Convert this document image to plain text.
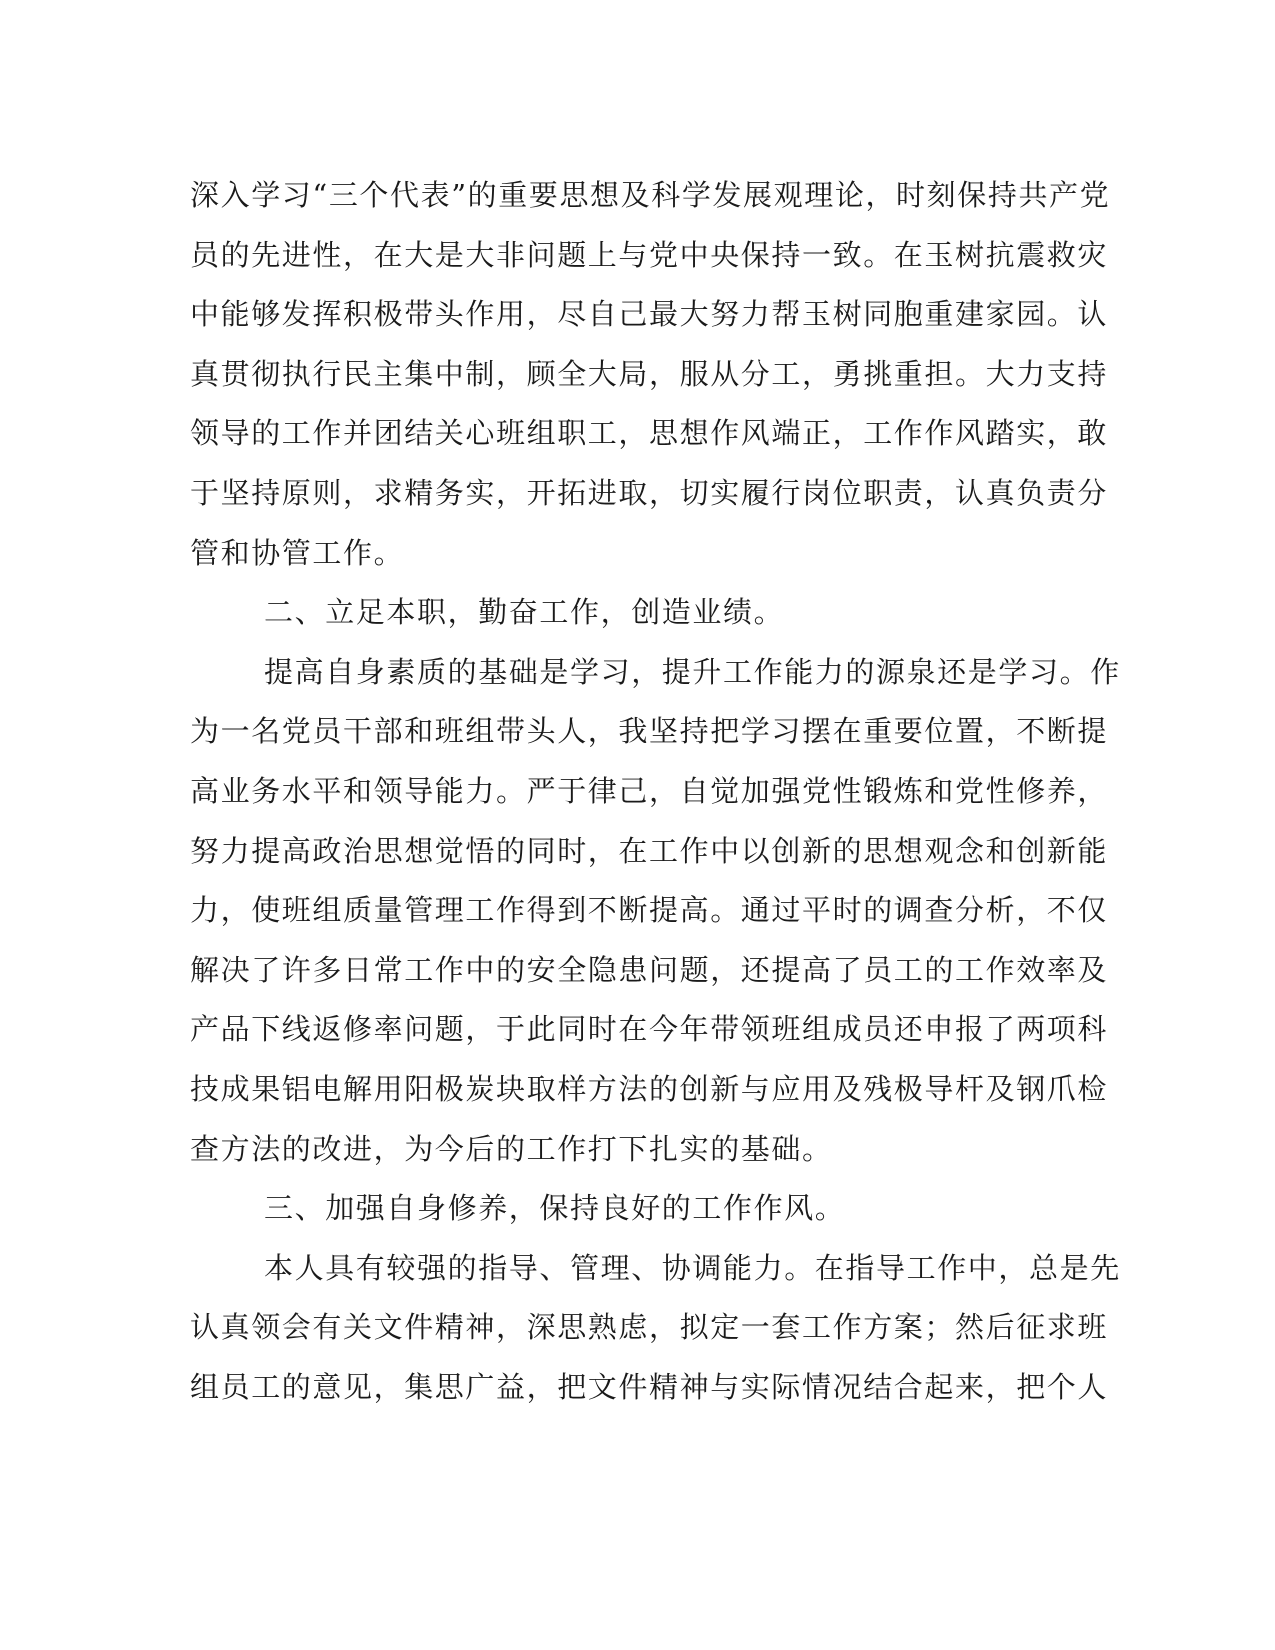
深入学习“三个代表”的重要思想及科学发展观理论，时刻保持共产党
员的先进性，在大是大非问题上与党中央保持一致。在玉树抗震救灾
中能够发挥积极带头作用，尽自己最大努力帮玉树同胞重建家园。认
真贯彻执行民主集中制，顾全大局，服从分工，勇挑重担。大力支持
领导的工作并团结关心班组职工，思想作风端正，工作作风踏实，敢
于坚持原则，求精务实，开拓进取，切实履行岗位职责，认真负责分
管和协管工作。
二、立足本职，勤奋工作，创造业绩。
提高自身素质的基础是学习，提升工作能力的源泉还是学习。作
为一名党员干部和班组带头人，我坚持把学习摆在重要位置，不断提
高业务水平和领导能力。严于律己，自觉加强党性锻炼和党性修养，
努力提高政治思想觉悟的同时，在工作中以创新的思想观念和创新能
力，使班组质量管理工作得到不断提高。通过平时的调查分析，不仅
解决了许多日常工作中的安全隐患问题，还提高了员工的工作效率及
产品下线返修率问题，于此同时在今年带领班组成员还申报了两项科
技成果铝电解用阳极炭块取样方法的创新与应用及残极导杆及钢爪检
查方法的改进，为今后的工作打下扎实的基础。
三、加强自身修养，保持良好的工作作风。
本人具有较强的指导、管理、协调能力。在指导工作中，总是先
认真领会有关文件精神，深思熟虑，拟定一套工作方案；然后征求班
组员工的意见，集思广益，把文件精神与实际情况结合起来，把个人
